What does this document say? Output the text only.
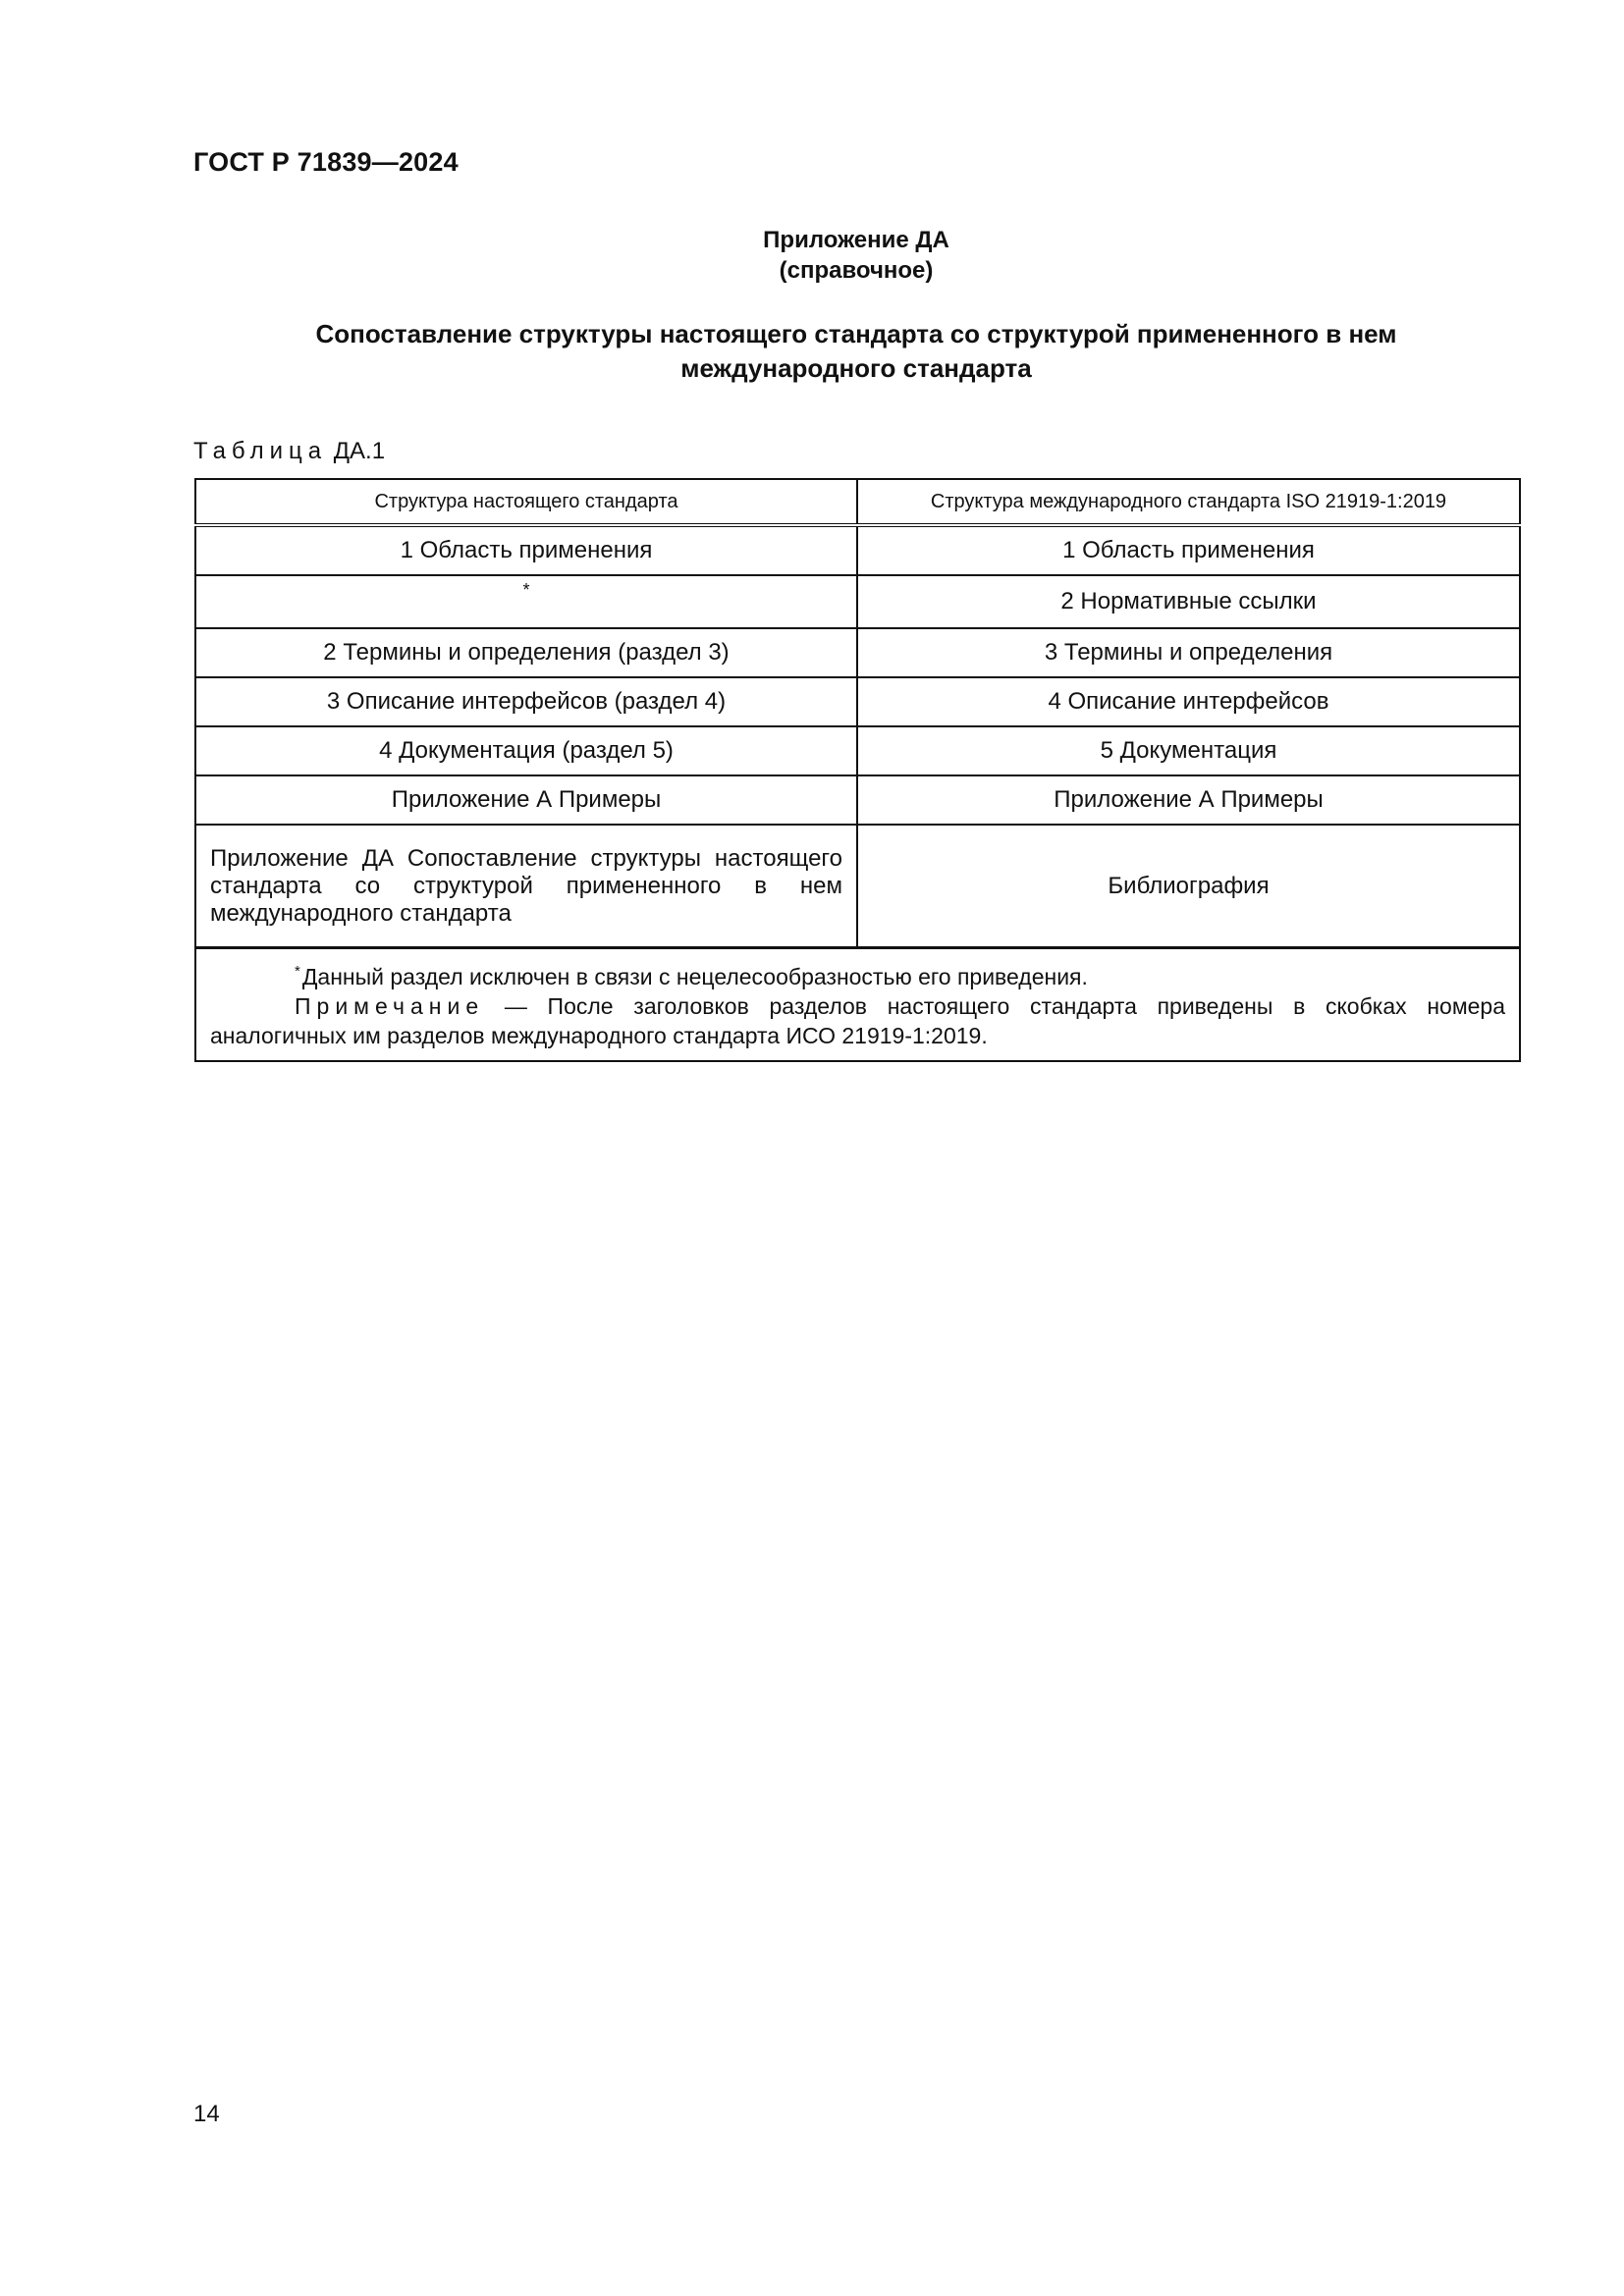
ГОСТ Р 71839—2024
Приложение ДА
(справочное)
Сопоставление структуры настоящего стандарта со структурой примененного в нем
международного стандарта
Таблица ДА.1
Структура настоящего стандарта	Структура международного стандарта ISO 21919-1:2019
1 Область применения	1 Область применения
*	2 Нормативные ссылки
2 Термины и определения (раздел 3)	3 Термины и определения
3 Описание интерфейсов (раздел 4)	4 Описание интерфейсов
4 Документация (раздел 5)	5 Документация
Приложение А Примеры	Приложение А Примеры
Приложение ДА Сопоставление структуры настоящего стандарта со структурой примененного в нем международного стандарта	Библиография

*Данный раздел исключен в связи с нецелесообразностью его приведения.
Примечание — После заголовков разделов настоящего стандарта приведены в скобках номера аналогичных им разделов международного стандарта ИСО 21919-1:2019.	
14
